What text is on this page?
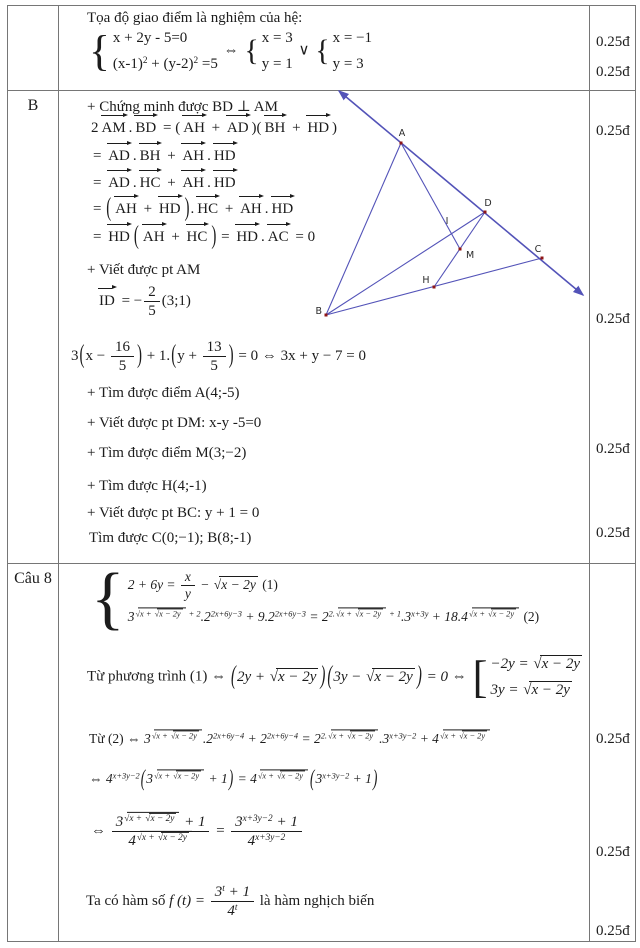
B
Câu 8
Tọa độ giao điểm là nghiệm của hệ:
{ x + 2y - 5=0
(x-1)2 + (y-2)2 =5
⇔ { x = 3
y = 1
∨ { x = −1
y = 3
+ Chứng minh được BD ⊥ AM
2 AM . BD = ( AH + AD )( BH + HD )
= AD . BH + AH . HD
= AD . HC + AH . HD
= ( AH + HD ). HC + AH . HD
= HD ( AH + HC ) = HD . AC = 0
+ Viết được pt AM
ID = − $\frac{2}{5}$ (3;1)
$3(x - \frac{16}{5}$ ) + $1.(y + \frac{13}{5}$ ) = 0 ⇔ 3x + y − 7 = 0
+ Tìm được điểm A(4;-5)
+ Viết được pt DM: x-y -5=0
+ Tìm được điểm M(3;−2)
+ Tìm được H(4;-1)
+ Viết được pt BC: y + 1 = 0
Tìm được C(0;−1); B(8;-1)
{ $2 + 6y = \frac{x}{y}$ − √ x − 2y (1)
3 √ x + √ x − 2y + 2.22x+6y−3 + 9.22x+6y−3 = 22. √ x + √ x − 2y + 1.3x+3y + 18.4 √ x + √ x − 2y (2)
Từ phương trình (1) ⇔ (2y + √ x − 2y ) (3y − √ x − 2y ) = 0 ⇔ [ −2y = √ x − 2y
3y = √ x − 2y
Từ (2) ⇔ 3 √ x + √ x − 2y .22x+6y−4 + 22x+6y−4 = 22. √ x + √ x − 2y .3x+3y−2 + 4 √ x + √ x − 2y
⇔ 4x+3y−2(3 √ x + √ x − 2y + 1) = 4 √ x + √ x − 2y (3x+3y−2 + 1)
⇔ $\frac{3 √ x + √ x - 2y + 1}{4 √ x + √ x - 2y} = \frac{3x+3y-2 + 1}{4x+3y-2}$
Ta có hàm số f $(t) = \frac{3t + 1}{4t}$ là hàm nghịch biến
0.25đ
0.25đ
0.25đ
0.25đ
0.25đ
0.25đ
0.25đ
0.25đ
0.25đ
A
B
C
D
H
M
I
